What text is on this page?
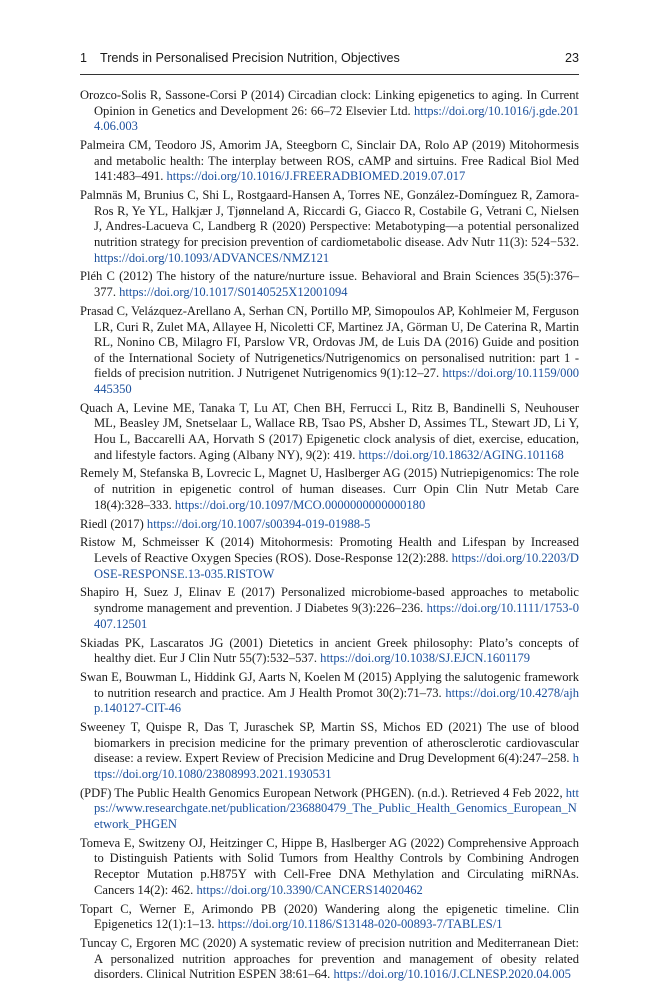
1 Trends in Personalised Precision Nutrition, Objectives	23
Orozco-Solis R, Sassone-Corsi P (2014) Circadian clock: Linking epigenetics to aging. In Current Opinion in Genetics and Development 26: 66–72 Elsevier Ltd. https://doi.org/10.1016/j.gde.2014.06.003
Palmeira CM, Teodoro JS, Amorim JA, Steegborn C, Sinclair DA, Rolo AP (2019) Mitohormesis and metabolic health: The interplay between ROS, cAMP and sirtuins. Free Radical Biol Med 141:483–491. https://doi.org/10.1016/J.FREERADBIOMED.2019.07.017
Palmnäs M, Brunius C, Shi L, Rostgaard-Hansen A, Torres NE, González-Domínguez R, Zamora-Ros R, Ye YL, Halkjær J, Tjønneland A, Riccardi G, Giacco R, Costabile G, Vetrani C, Nielsen J, Andres-Lacueva C, Landberg R (2020) Perspective: Metabotyping—a potential personalized nutrition strategy for precision prevention of cardiometabolic disease. Adv Nutr 11(3): 524−532. https://doi.org/10.1093/ADVANCES/NMZ121
Pléh C (2012) The history of the nature/nurture issue. Behavioral and Brain Sciences 35(5):376–377. https://doi.org/10.1017/S0140525X12001094
Prasad C, Velázquez-Arellano A, Serhan CN, Portillo MP, Simopoulos AP, Kohlmeier M, Ferguson LR, Curi R, Zulet MA, Allayee H, Nicoletti CF, Martinez JA, Görman U, De Caterina R, Martin RL, Nonino CB, Milagro FI, Parslow VR, Ordovas JM, de Luis DA (2016) Guide and position of the International Society of Nutrigenetics/Nutrigenomics on personalised nutrition: part 1 - fields of precision nutrition. J Nutrigenet Nutrigenomics 9(1):12–27. https://doi.org/10.1159/000445350
Quach A, Levine ME, Tanaka T, Lu AT, Chen BH, Ferrucci L, Ritz B, Bandinelli S, Neuhouser ML, Beasley JM, Snetselaar L, Wallace RB, Tsao PS, Absher D, Assimes TL, Stewart JD, Li Y, Hou L, Baccarelli AA, Horvath S (2017) Epigenetic clock analysis of diet, exercise, education, and lifestyle factors. Aging (Albany NY), 9(2): 419. https://doi.org/10.18632/AGING.101168
Remely M, Stefanska B, Lovrecic L, Magnet U, Haslberger AG (2015) Nutriepigenomics: The role of nutrition in epigenetic control of human diseases. Curr Opin Clin Nutr Metab Care 18(4):328–333. https://doi.org/10.1097/MCO.0000000000000180
Riedl (2017) https://doi.org/10.1007/s00394-019-01988-5
Ristow M, Schmeisser K (2014) Mitohormesis: Promoting Health and Lifespan by Increased Levels of Reactive Oxygen Species (ROS). Dose-Response 12(2):288. https://doi.org/10.2203/DOSE-RESPONSE.13-035.RISTOW
Shapiro H, Suez J, Elinav E (2017) Personalized microbiome-based approaches to metabolic syndrome management and prevention. J Diabetes 9(3):226–236. https://doi.org/10.1111/1753-0407.12501
Skiadas PK, Lascaratos JG (2001) Dietetics in ancient Greek philosophy: Plato’s concepts of healthy diet. Eur J Clin Nutr 55(7):532–537. https://doi.org/10.1038/SJ.EJCN.1601179
Swan E, Bouwman L, Hiddink GJ, Aarts N, Koelen M (2015) Applying the salutogenic framework to nutrition research and practice. Am J Health Promot 30(2):71–73. https://doi.org/10.4278/ajhp.140127-CIT-46
Sweeney T, Quispe R, Das T, Juraschek SP, Martin SS, Michos ED (2021) The use of blood biomarkers in precision medicine for the primary prevention of atherosclerotic cardiovascular disease: a review. Expert Review of Precision Medicine and Drug Development 6(4):247–258. https://doi.org/10.1080/23808993.2021.1930531
(PDF) The Public Health Genomics European Network (PHGEN). (n.d.). Retrieved 4 Feb 2022, https://www.researchgate.net/publication/236880479_The_Public_Health_Genomics_European_Network_PHGEN
Tomeva E, Switzeny OJ, Heitzinger C, Hippe B, Haslberger AG (2022) Comprehensive Approach to Distinguish Patients with Solid Tumors from Healthy Controls by Combining Androgen Receptor Mutation p.H875Y with Cell-Free DNA Methylation and Circulating miRNAs. Cancers 14(2): 462. https://doi.org/10.3390/CANCERS14020462
Topart C, Werner E, Arimondo PB (2020) Wandering along the epigenetic timeline. Clin Epigenetics 12(1):1–13. https://doi.org/10.1186/S13148-020-00893-7/TABLES/1
Tuncay C, Ergoren MC (2020) A systematic review of precision nutrition and Mediterranean Diet: A personalized nutrition approaches for prevention and management of obesity related disorders. Clinical Nutrition ESPEN 38:61–64. https://doi.org/10.1016/J.CLNESP.2020.04.005
